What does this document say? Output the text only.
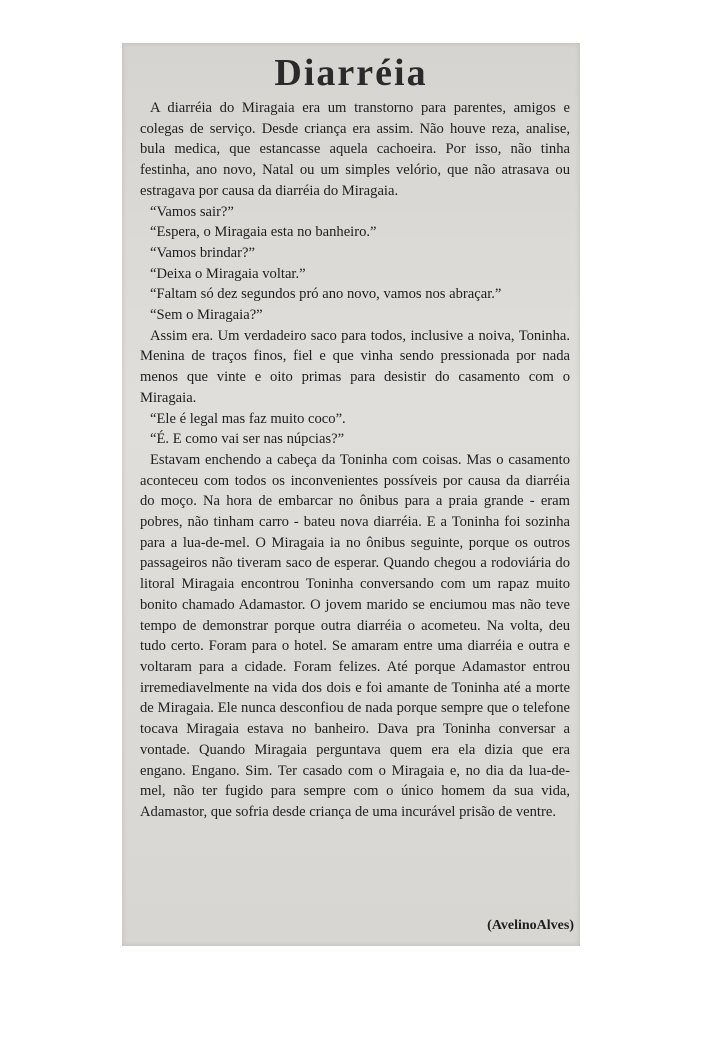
Diarréia

A diarréia do Miragaia era um transtorno para parentes, amigos e colegas de serviço. Desde criança era assim. Não houve reza, analise, bula medica, que estancasse aquela cachoeira. Por isso, não tinha festinha, ano novo, Natal ou um simples velório, que não atrasava ou estragava por causa da diarréia do Miragaia.

“Vamos sair?”

“Espera, o Miragaia esta no banheiro.”

“Vamos brindar?”

“Deixa o Miragaia voltar.”

“Faltam só dez segundos pró ano novo, vamos nos abraçar.”

“Sem o Miragaia?”

Assim era. Um verdadeiro saco para todos, inclusive a noiva, Toninha. Menina de traços finos, fiel e que vinha sendo pressionada por nada menos que vinte e oito primas para desistir do casamento com o Miragaia.

“Ele é legal mas faz muito coco”.

“É. E como vai ser nas núpcias?”

Estavam enchendo a cabeça da Toninha com coisas. Mas o casamento aconteceu com todos os inconvenientes possíveis por causa da diarréia do moço. Na hora de embarcar no ônibus para a praia grande - eram pobres, não tinham carro - bateu nova diarréia. E a Toninha foi sozinha para a lua-de-mel. O Miragaia ia no ônibus seguinte, porque os outros passageiros não tiveram saco de esperar. Quando chegou a rodoviária do litoral Miragaia encontrou Toninha conversando com um rapaz muito bonito chamado Adamastor. O jovem marido se enciumou mas não teve tempo de demonstrar porque outra diarréia o acometeu. Na volta, deu tudo certo. Foram para o hotel. Se amaram entre uma diarréia e outra e voltaram para a cidade. Foram felizes. Até porque Adamastor entrou irremediavelmente na vida dos dois e foi amante de Toninha até a morte de Miragaia. Ele nunca desconfiou de nada porque sempre que o telefone tocava Miragaia estava no banheiro. Dava pra Toninha conversar a vontade. Quando Miragaia perguntava quem era ela dizia que era engano. Engano. Sim. Ter casado com o Miragaia e, no dia da lua-de-mel, não ter fugido para sempre com o único homem da sua vida, Adamastor, que sofria desde criança de uma incurável prisão de ventre.

(AvelinoAlves)
